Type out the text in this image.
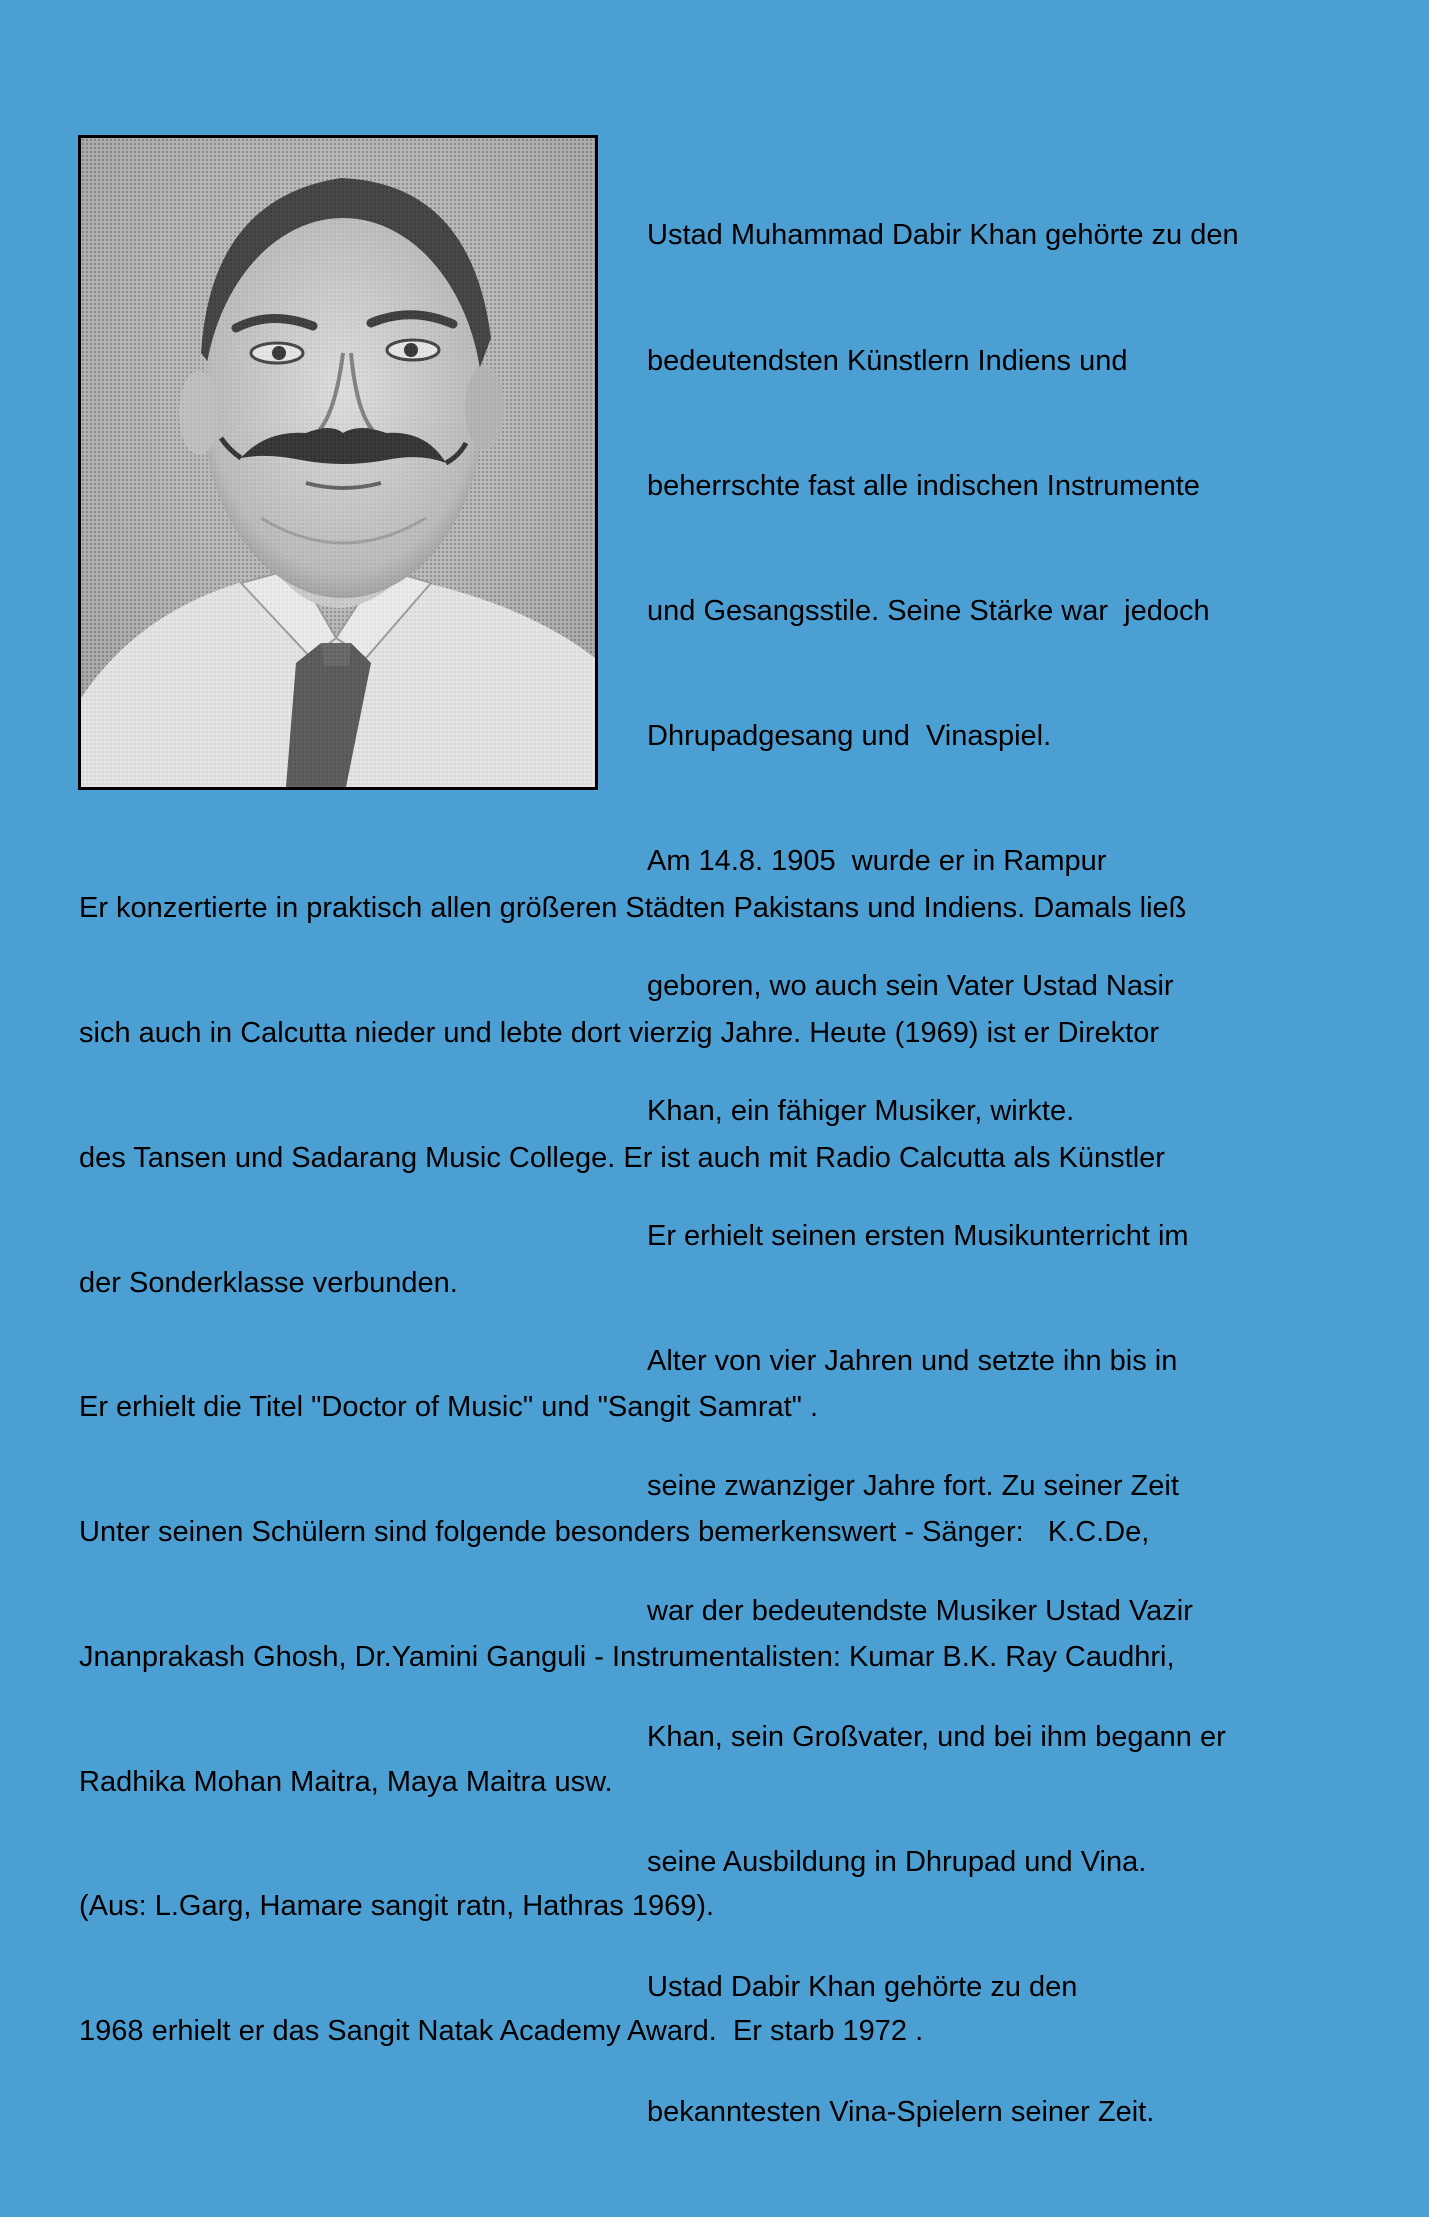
Ustad Muhammad Dabir Khan gehörte zu den

bedeutendsten Künstlern Indiens und

beherrschte fast alle indischen Instrumente

und Gesangsstile. Seine Stärke war  jedoch

Dhrupadgesang und  Vinaspiel.

Am 14.8. 1905  wurde er in Rampur

geboren, wo auch sein Vater Ustad Nasir

Khan, ein fähiger Musiker, wirkte.

Er erhielt seinen ersten Musikunterricht im

Alter von vier Jahren und setzte ihn bis in

seine zwanziger Jahre fort. Zu seiner Zeit

war der bedeutendste Musiker Ustad Vazir

Khan, sein Großvater, und bei ihm begann er

seine Ausbildung in Dhrupad und Vina.

Ustad Dabir Khan gehörte zu den

bekanntesten Vina-Spielern seiner Zeit.

Er konzertierte in praktisch allen größeren Städten Pakistans und Indiens. Damals ließ

sich auch in Calcutta nieder und lebte dort vierzig Jahre. Heute (1969) ist er Direktor

des Tansen und Sadarang Music College. Er ist auch mit Radio Calcutta als Künstler

der Sonderklasse verbunden.

Er erhielt die Titel "Doctor of Music" und "Sangit Samrat" .

Unter seinen Schülern sind folgende besonders bemerkenswert - Sänger:   K.C.De,

Jnanprakash Ghosh, Dr.Yamini Ganguli - Instrumentalisten: Kumar B.K. Ray Caudhri,

Radhika Mohan Maitra, Maya Maitra usw.

(Aus: L.Garg, Hamare sangit ratn, Hathras 1969).

1968 erhielt er das Sangit Natak Academy Award.  Er starb 1972 .
